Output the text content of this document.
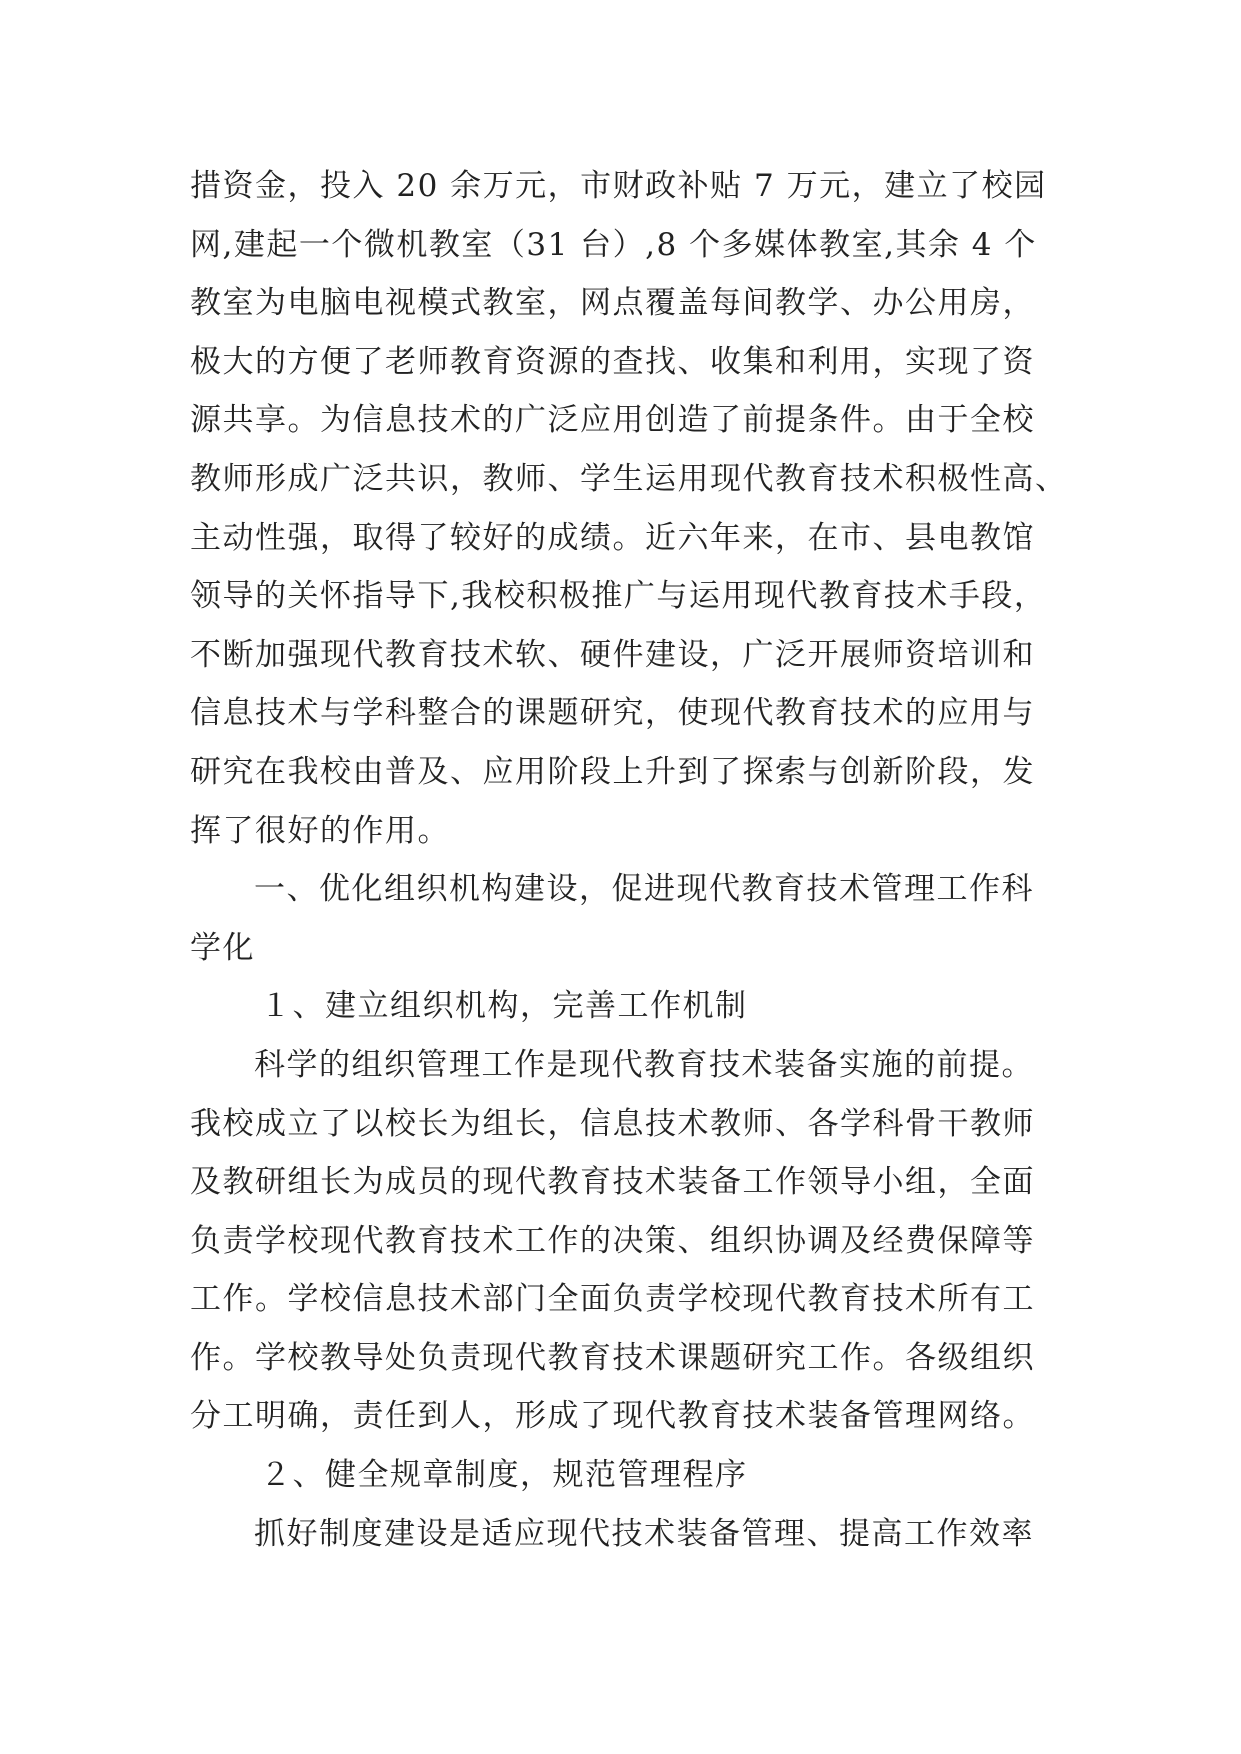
措资金，投入 20 余万元，市财政补贴 7 万元，建立了校园
网,建起一个微机教室（31 台）,8 个多媒体教室,其余 4 个
教室为电脑电视模式教室，网点覆盖每间教学、办公用房，
极大的方便了老师教育资源的查找、收集和利用，实现了资
源共享。为信息技术的广泛应用创造了前提条件。由于全校
教师形成广泛共识，教师、学生运用现代教育技术积极性高、
主动性强，取得了较好的成绩。近六年来，在市、县电教馆
领导的关怀指导下,我校积极推广与运用现代教育技术手段，
不断加强现代教育技术软、硬件建设，广泛开展师资培训和
信息技术与学科整合的课题研究，使现代教育技术的应用与
研究在我校由普及、应用阶段上升到了探索与创新阶段，发
挥了很好的作用。
一、优化组织机构建设，促进现代教育技术管理工作科
学化
１、建立组织机构，完善工作机制
科学的组织管理工作是现代教育技术装备实施的前提。
我校成立了以校长为组长，信息技术教师、各学科骨干教师
及教研组长为成员的现代教育技术装备工作领导小组，全面
负责学校现代教育技术工作的决策、组织协调及经费保障等
工作。学校信息技术部门全面负责学校现代教育技术所有工
作。学校教导处负责现代教育技术课题研究工作。各级组织
分工明确，责任到人，形成了现代教育技术装备管理网络。
２、健全规章制度，规范管理程序
抓好制度建设是适应现代技术装备管理、提高工作效率
